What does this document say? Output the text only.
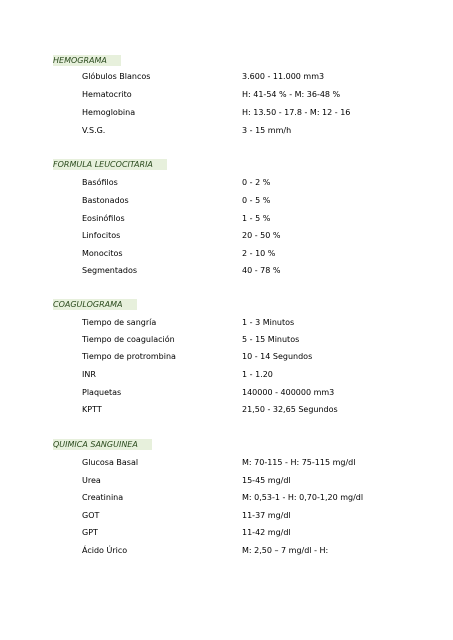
HEMOGRAMA
Glóbulos Blancos	3.600 - 11.000 mm3
Hematocrito	H: 41-54 % - M: 36-48 %
Hemoglobina	H: 13.50 - 17.8 - M: 12 - 16
V.S.G.	3 - 15 mm/h
FORMULA LEUCOCITARIA
Basófilos	0 - 2 %
Bastonados	0 - 5 %
Eosinófilos	1 - 5 %
Linfocitos	20 - 50 %
Monocitos	2 - 10 %
Segmentados	40 - 78 %
COAGULOGRAMA
Tiempo de sangría	1 - 3 Minutos
Tiempo de coagulación	5 - 15 Minutos
Tiempo de protrombina	10 - 14 Segundos
INR	1 - 1.20
Plaquetas	140000 - 400000 mm3
KPTT	21,50 - 32,65 Segundos
QUIMICA SANGUINEA
Glucosa Basal	M: 70-115 - H: 75-115 mg/dl
Urea	15-45 mg/dl
Creatinina	M: 0,53-1 - H: 0,70-1,20 mg/dl
GOT	11-37 mg/dl
GPT	11-42 mg/dl
Ácido Úrico	M: 2,50 – 7 mg/dl - H:
